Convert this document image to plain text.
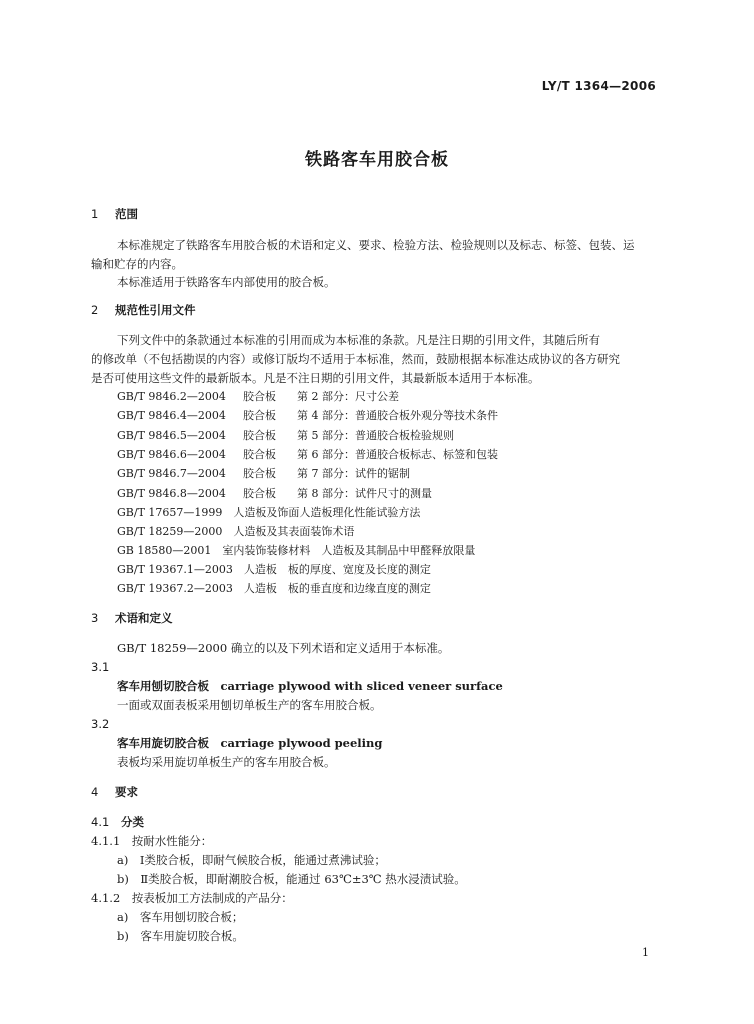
LY/T 1364—2006
铁路客车用胶合板
1 范围
本标准规定了铁路客车用胶合板的术语和定义、要求、检验方法、检验规则以及标志、标签、包装、运
输和贮存的内容。
本标准适用于铁路客车内部使用的胶合板。
2 规范性引用文件
下列文件中的条款通过本标准的引用而成为本标准的条款。凡是注日期的引用文件，其随后所有
的修改单（不包括勘误的内容）或修订版均不适用于本标准，然而，鼓励根据本标准达成协议的各方研究
是否可使用这些文件的最新版本。凡是不注日期的引用文件，其最新版本适用于本标准。
GB/T 9846.2—2004 胶合板 第 2 部分：尺寸公差
GB/T 9846.4—2004 胶合板 第 4 部分：普通胶合板外观分等技术条件
GB/T 9846.5—2004 胶合板 第 5 部分：普通胶合板检验规则
GB/T 9846.6—2004 胶合板 第 6 部分：普通胶合板标志、标签和包装
GB/T 9846.7—2004 胶合板 第 7 部分：试件的锯制
GB/T 9846.8—2004 胶合板 第 8 部分：试件尺寸的测量
GB/T 17657—1999　人造板及饰面人造板理化性能试验方法
GB/T 18259—2000　人造板及其表面装饰术语
GB 18580—2001　室内装饰装修材料　人造板及其制品中甲醛释放限量
GB/T 19367.1—2003　人造板　板的厚度、宽度及长度的测定
GB/T 19367.2—2003　人造板　板的垂直度和边缘直度的测定
3 术语和定义
GB/T 18259—2000 确立的以及下列术语和定义适用于本标准。
3.1
客车用刨切胶合板　carriage plywood with sliced veneer surface
一面或双面表板采用刨切单板生产的客车用胶合板。
3.2
客车用旋切胶合板　carriage plywood peeling
表板均采用旋切单板生产的客车用胶合板。
4 要求
4.1 分类
4.1.1　按耐水性能分：
a)　Ⅰ类胶合板，即耐气候胶合板，能通过煮沸试验；
b)　Ⅱ类胶合板，即耐潮胶合板，能通过 63℃±3℃ 热水浸渍试验。
4.1.2　按表板加工方法制成的产品分：
a)　客车用刨切胶合板；
b)　客车用旋切胶合板。
1
